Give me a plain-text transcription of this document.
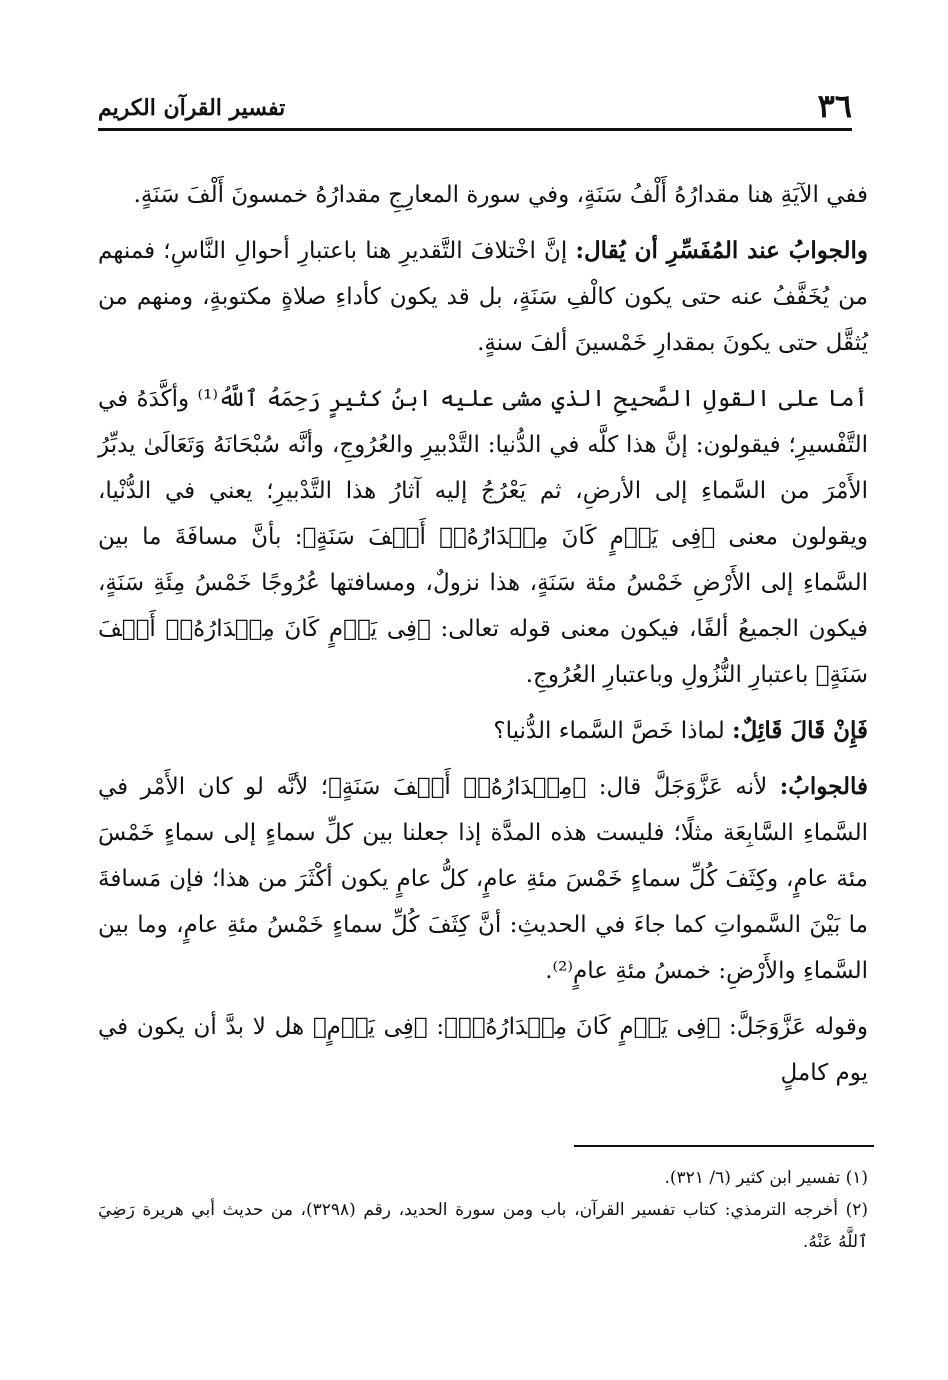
٣٦
تفسير القرآن الكريم

ففي الآيَةِ هنا مقدارُهُ أَلْفُ سَنَةٍ، وفي سورة المعارِجِ مقدارُهُ خمسونَ أَلْفَ سَنَةٍ.

والجوابُ عند المُفَسِّرِ أن يُقال: إنَّ اخْتلافَ التَّقديرِ هنا باعتبارِ أحوالِ النَّاسِ؛ فمنهم من يُخَفَّفُ عنه حتى يكون كالْفِ سَنَةٍ، بل قد يكون كأداءِ صلاةٍ مكتوبةٍ، ومنهم من يُثقَّل حتى يكونَ بمقدارِ خَمْسينَ ألفَ سنةٍ.

أما على القولِ الصَّحيحِ الذي مشى عليه ابنُ كثيرٍ رَحِمَهُ ٱللَّهُ⁽¹⁾ وأكَّدَهُ في التَّفْسيرِ؛ فيقولون: إنَّ هذا كلَّه في الدُّنيا: التَّدْبيرِ والعُرُوجِ، وأنَّه سُبْحَانَهُ وَتَعَالَىٰ يدبِّرُ الأَمْرَ من السَّماءِ إلى الأرضِ، ثم يَعْرُجُ إليه آثارُ هذا التَّدْبيرِ؛ يعني في الدُّنْيا، ويقولون معنى ﴿فِى يَوۡمٍ كَانَ مِقۡدَارُهُۥٓ أَلۡفَ سَنَةٍ﴾: بأنَّ مسافَةَ ما بين السَّماءِ إلى الأَرْضِ خَمْسُ مئة سَنَةٍ، هذا نزولٌ، ومسافتها عُرُوجًا خَمْسُ مِئَةِ سَنَةٍ، فيكون الجميعُ ألفًا، فيكون معنى قوله تعالى: ﴿فِى يَوۡمٍ كَانَ مِقۡدَارُهُۥٓ أَلۡفَ سَنَةٍ﴾ باعتبارِ النُّزُولِ وباعتبارِ العُرُوجِ.

فَإِنْ قَالَ قَائِلٌ: لماذا خَصَّ السَّماء الدُّنيا؟

فالجوابُ: لأنه عَزَّوَجَلَّ قال: ﴿مِقۡدَارُهُۥٓ أَلۡفَ سَنَةٍ﴾؛ لأنَّه لو كان الأَمْر في السَّماءِ السَّابِعَة مثلًا؛ فليست هذه المدَّة إذا جعلنا بين كلِّ سماءٍ إلى سماءٍ خَمْسَ مئة عامٍ، وكِثَفَ كُلِّ سماءٍ خَمْسَ مئةِ عامٍ، كلُّ عامٍ يكون أكْثَرَ من هذا؛ فإن مَسافةَ ما بَيْنَ السَّمواتِ كما جاءَ في الحديثِ: أنَّ كِثَفَ كُلِّ سماءٍ خَمْسُ مئةِ عامٍ، وما بين السَّماءِ والأَرْضِ: خمسُ مئةِ عامٍ⁽²⁾.

وقوله عَزَّوَجَلَّ: ﴿فِى يَوۡمٍ كَانَ مِقۡدَارُهُۥٓ﴾: ﴿فِى يَوۡمٍ﴾ هل لا بدَّ أن يكون في يوم كاملٍ

(١) تفسير ابن كثير (٦/ ٣٢١).

(٢) أخرجه الترمذي: كتاب تفسير القرآن، باب ومن سورة الحديد، رقم (٣٢٩٨)، من حديث أبي هريرة رَضِيَ ٱللَّهُ عَنْهُ.
